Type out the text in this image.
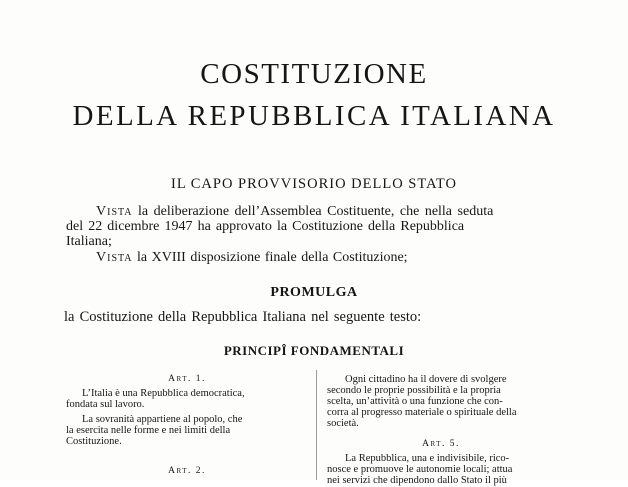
COSTITUZIONE
DELLA REPUBBLICA ITALIANA
IL CAPO PROVVISORIO DELLO STATO
Vista la deliberazione dell’Assemblea Costituente, che nella seduta
del 22 dicembre 1947 ha approvato la Costituzione della Repubblica
Italiana;
Vista la XVIII disposizione finale della Costituzione;
PROMULGA
la Costituzione della Repubblica Italiana nel seguente testo:
PRINCIPÎ FONDAMENTALI
Art. 1.
L’Italia è una Repubblica democratica,
fondata sul lavoro.
La sovranità appartiene al popolo, che
la esercita nelle forme e nei limiti della
Costituzione.
Art. 2.
Ogni cittadino ha il dovere di svolgere
secondo le proprie possibilità e la propria
scelta, un’attività o una funzione che con-
corra al progresso materiale o spirituale della
società.
Art. 5.
La Repubblica, una e indivisibile, rico-
nosce e promuove le autonomie locali; attua
nei servizi che dipendono dallo Stato il più
